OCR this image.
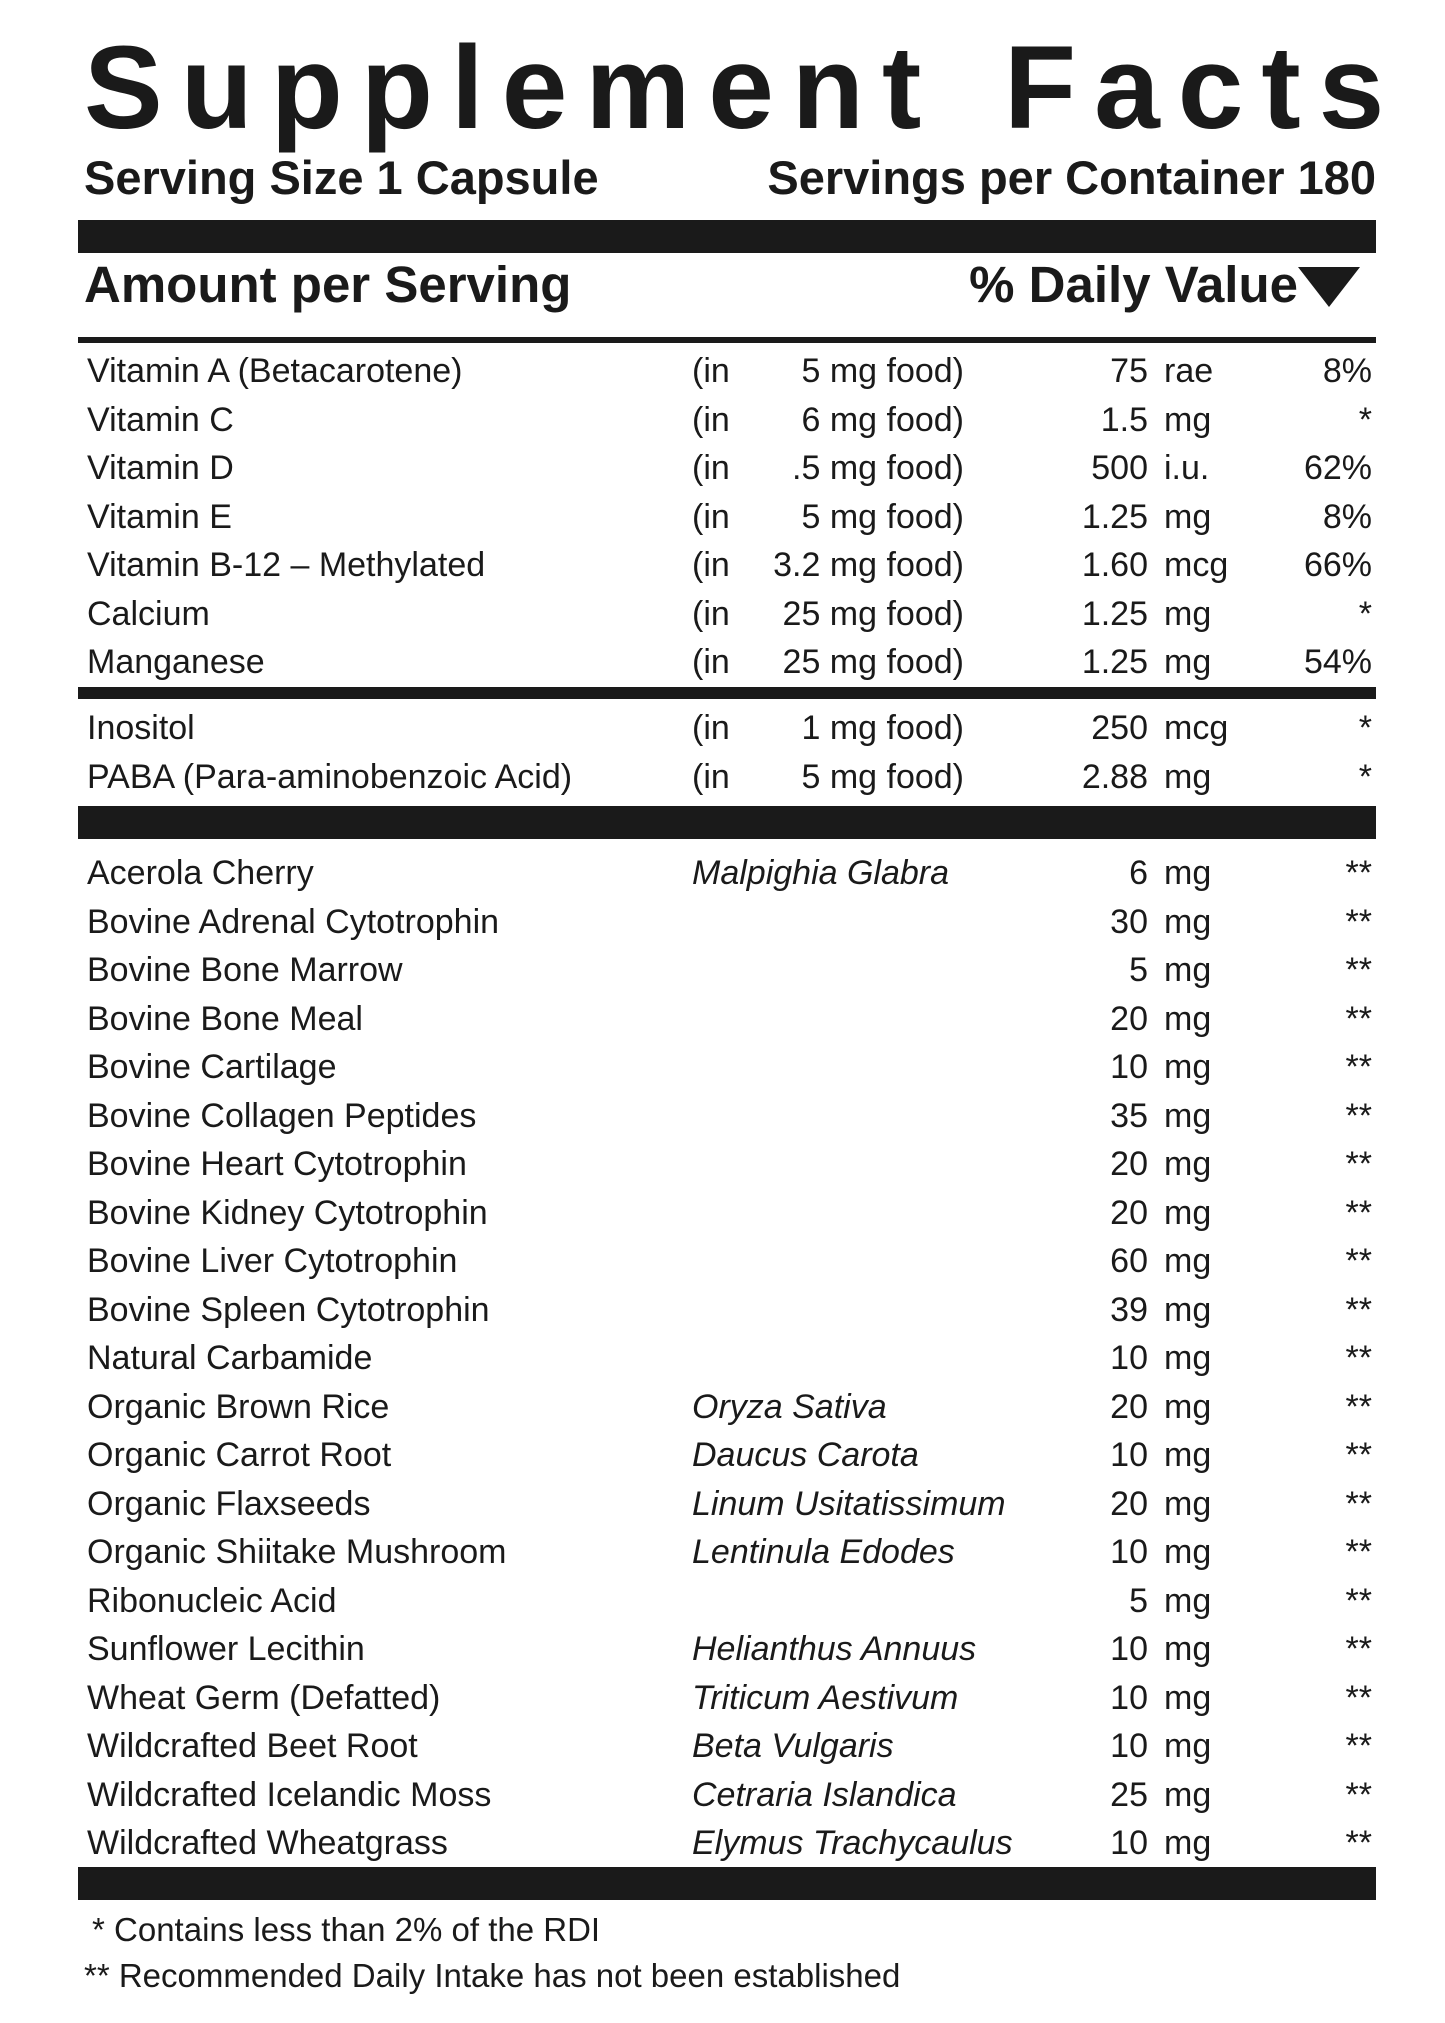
Supplement Facts
Serving Size 1 Capsule	Servings per Container 180
Amount per Serving	% Daily Value
Vitamin A (Betacarotene)	(in 5 mg food)	75 rae	8%
Vitamin C	(in 6 mg food)	1.5 mg	*
Vitamin D	(in .5 mg food)	500 i.u.	62%
Vitamin E	(in 5 mg food)	1.25 mg	8%
Vitamin B-12 – Methylated	(in 3.2 mg food)	1.60 mcg 66%
Calcium	(in 25 mg food)	1.25 mg	*
Manganese	(in 25 mg food)	1.25 mg	54%
Inositol	(in 1 mg food)	250 mcg	*
PABA (Para-aminobenzoic Acid)	(in 5 mg food)	2.88 mg	*
Acerola Cherry	Malpighia Glabra	6 mg	**
Bovine Adrenal Cytotrophin	30 mg	**
Bovine Bone Marrow	5 mg	**
Bovine Bone Meal	20 mg	**
Bovine Cartilage	10 mg	**
Bovine Collagen Peptides	35 mg	**
Bovine Heart Cytotrophin	20 mg	**
Bovine Kidney Cytotrophin	20 mg	**
Bovine Liver Cytotrophin	60 mg	**
Bovine Spleen Cytotrophin	39 mg	**
Natural Carbamide	10 mg	**
Organic Brown Rice	Oryza Sativa	20 mg	**
Organic Carrot Root	Daucus Carota	10 mg	**
Organic Flaxseeds	Linum Usitatissimum	20 mg	**
Organic Shiitake Mushroom	Lentinula Edodes	10 mg	**
Ribonucleic Acid	5 mg	**
Sunflower Lecithin	Helianthus Annuus	10 mg	**
Wheat Germ (Defatted)	Triticum Aestivum	10 mg	**
Wildcrafted Beet Root	Beta Vulgaris	10 mg	**
Wildcrafted Icelandic Moss	Cetraria Islandica	25 mg	**
Wildcrafted Wheatgrass	Elymus Trachycaulus	10 mg	**
* Contains less than 2% of the RDI
** Recommended Daily Intake has not been established
